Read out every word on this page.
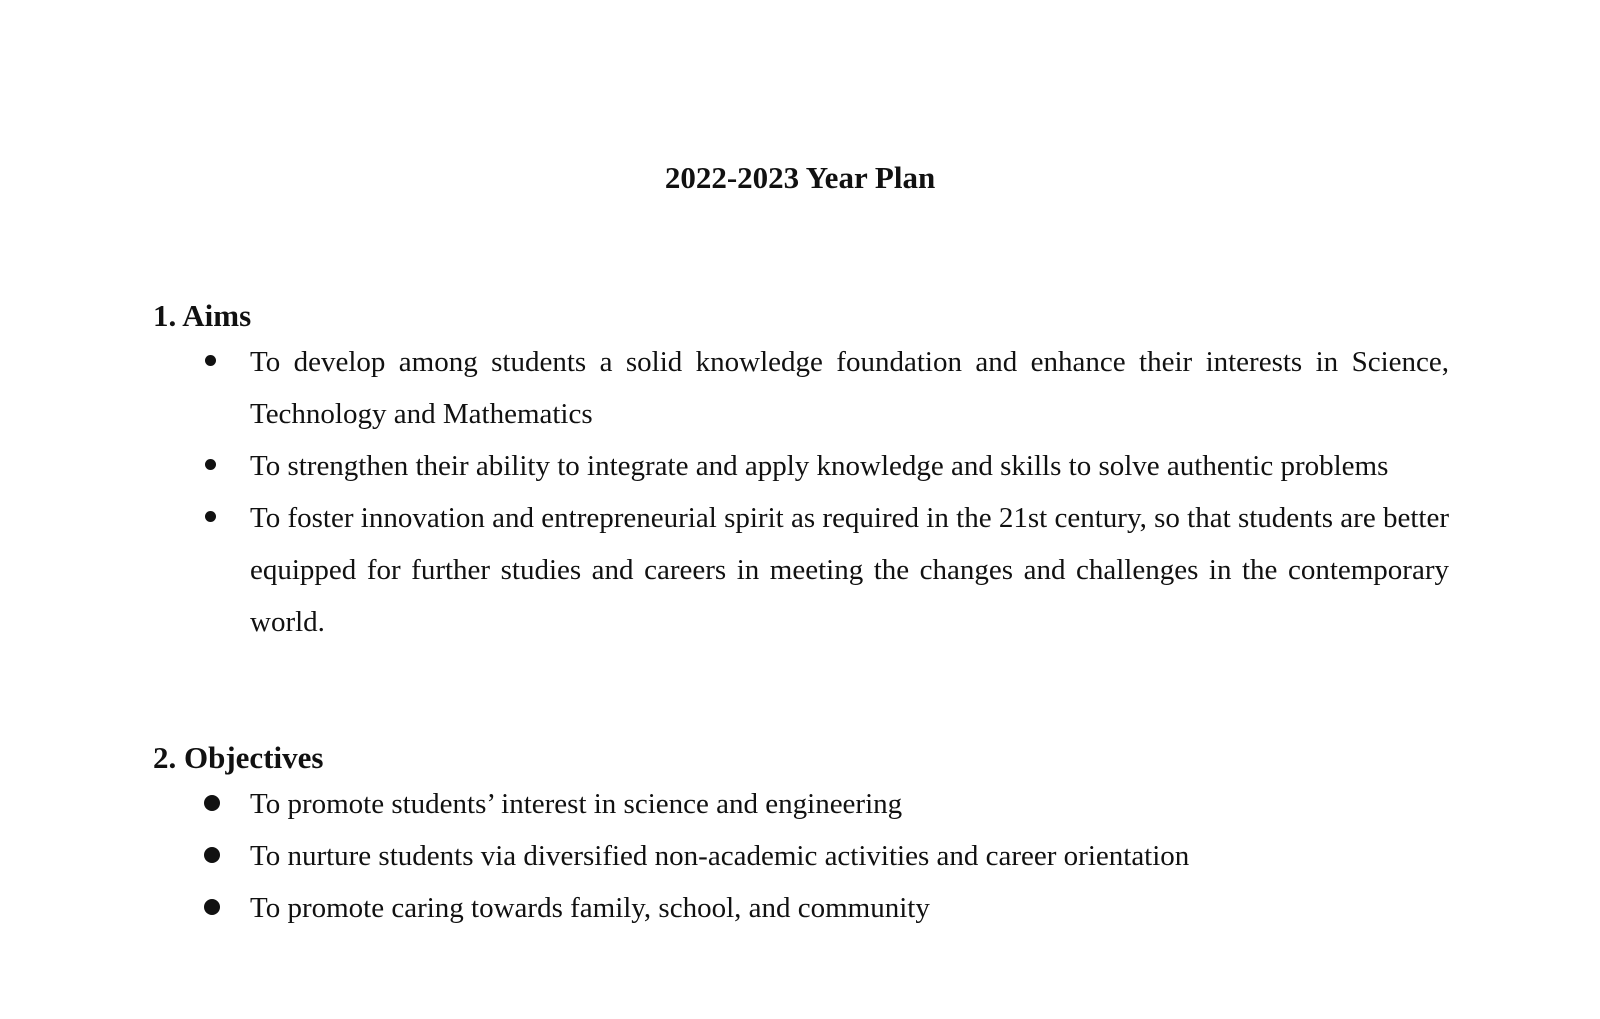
2022-2023 Year Plan
1. Aims
To develop among students a solid knowledge foundation and enhance their interests in Science, Technology and Mathematics
To strengthen their ability to integrate and apply knowledge and skills to solve authentic problems
To foster innovation and entrepreneurial spirit as required in the 21st century, so that students are better equipped for further studies and careers in meeting the changes and challenges in the contemporary world.
2. Objectives
To promote students’ interest in science and engineering
To nurture students via diversified non-academic activities and career orientation
To promote caring towards family, school, and community
